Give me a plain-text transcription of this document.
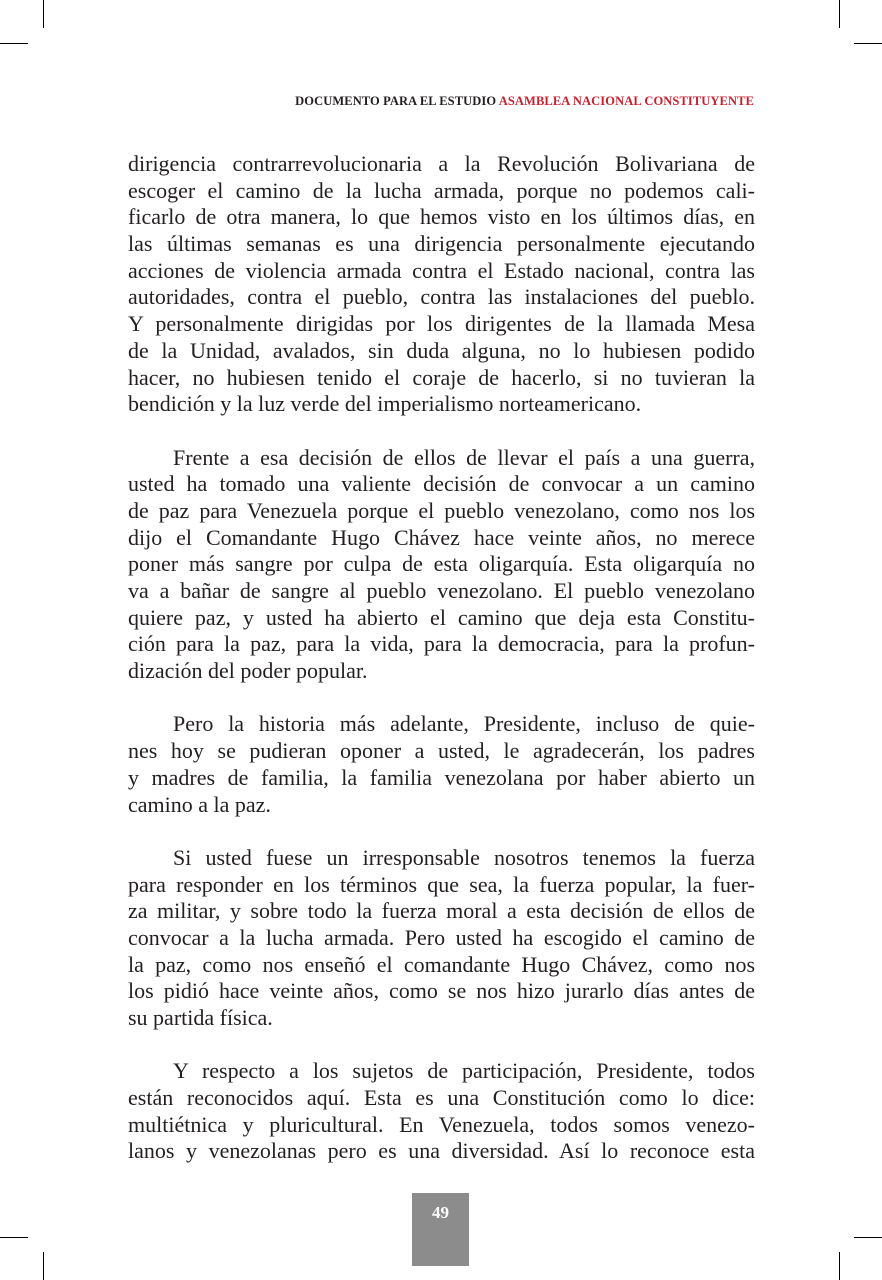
DOCUMENTO PARA EL ESTUDIO ASAMBLEA NACIONAL CONSTITUYENTE
dirigencia contrarrevolucionaria a la Revolución Bolivariana de
escoger el camino de la lucha armada, porque no podemos cali-
ficarlo de otra manera, lo que hemos visto en los últimos días, en
las últimas semanas es una dirigencia personalmente ejecutando
acciones de violencia armada contra el Estado nacional, contra las
autoridades, contra el pueblo, contra las instalaciones del pueblo.
Y personalmente dirigidas por los dirigentes de la llamada Mesa
de la Unidad, avalados, sin duda alguna, no lo hubiesen podido
hacer, no hubiesen tenido el coraje de hacerlo, si no tuvieran la
bendición y la luz verde del imperialismo norteamericano.
Frente a esa decisión de ellos de llevar el país a una guerra,
usted ha tomado una valiente decisión de convocar a un camino
de paz para Venezuela porque el pueblo venezolano, como nos los
dijo el Comandante Hugo Chávez hace veinte años, no merece
poner más sangre por culpa de esta oligarquía. Esta oligarquía no
va a bañar de sangre al pueblo venezolano. El pueblo venezolano
quiere paz, y usted ha abierto el camino que deja esta Constitu-
ción para la paz, para la vida, para la democracia, para la profun-
dización del poder popular.
Pero la historia más adelante, Presidente, incluso de quie-
nes hoy se pudieran oponer a usted, le agradecerán, los padres
y madres de familia, la familia venezolana por haber abierto un
camino a la paz.
Si usted fuese un irresponsable nosotros tenemos la fuerza
para responder en los términos que sea, la fuerza popular, la fuer-
za militar, y sobre todo la fuerza moral a esta decisión de ellos de
convocar a la lucha armada. Pero usted ha escogido el camino de
la paz, como nos enseñó el comandante Hugo Chávez, como nos
los pidió hace veinte años, como se nos hizo jurarlo días antes de
su partida física.
Y respecto a los sujetos de participación, Presidente, todos
están reconocidos aquí. Esta es una Constitución como lo dice:
multiétnica y pluricultural. En Venezuela, todos somos venezo-
lanos y venezolanas pero es una diversidad. Así lo reconoce esta
49
